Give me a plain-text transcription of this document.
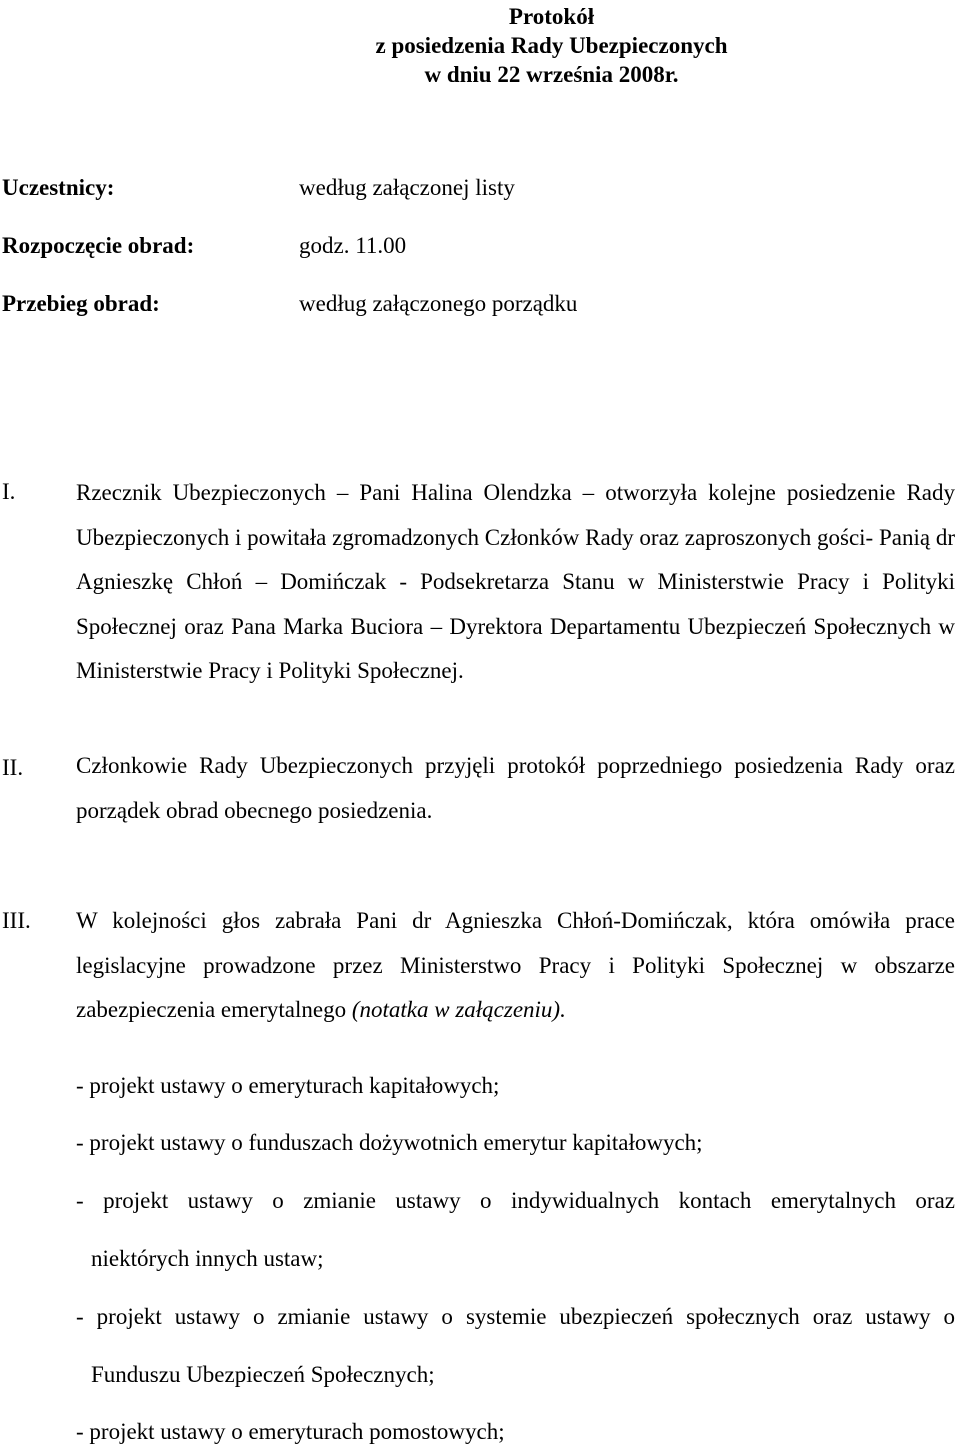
Protokół
z posiedzenia Rady Ubezpieczonych
w dniu 22 września 2008r.
Uczestnicy:	według załączonej listy
Rozpoczęcie obrad:	godz. 11.00
Przebieg obrad:	według załączonego porządku
I.	Rzecznik Ubezpieczonych – Pani Halina Olendzka – otworzyła kolejne posiedzenie Rady Ubezpieczonych i powitała zgromadzonych Członków Rady oraz zaproszonych gości- Panią dr Agnieszkę Chłoń – Domińczak - Podsekretarza Stanu w Ministerstwie Pracy i Polityki Społecznej oraz Pana Marka Buciora – Dyrektora Departamentu Ubezpieczeń Społecznych w Ministerstwie Pracy i Polityki Społecznej.
II. Członkowie Rady Ubezpieczonych przyjęli protokół poprzedniego posiedzenia Rady oraz porządek obrad obecnego posiedzenia.
III. W kolejności głos zabrała Pani dr Agnieszka Chłoń-Domińczak, która omówiła prace legislacyjne prowadzone przez Ministerstwo Pracy i Polityki Społecznej w obszarze zabezpieczenia emerytalnego (notatka w załączeniu).
- projekt ustawy o emeryturach kapitałowych;
- projekt ustawy o funduszach dożywotnich emerytur kapitałowych;
- projekt ustawy o zmianie ustawy o indywidualnych kontach emerytalnych oraz
niektórych innych ustaw;
- projekt ustawy o zmianie ustawy o systemie ubezpieczeń społecznych oraz ustawy o
Funduszu Ubezpieczeń Społecznych;
- projekt ustawy o emeryturach pomostowych;
